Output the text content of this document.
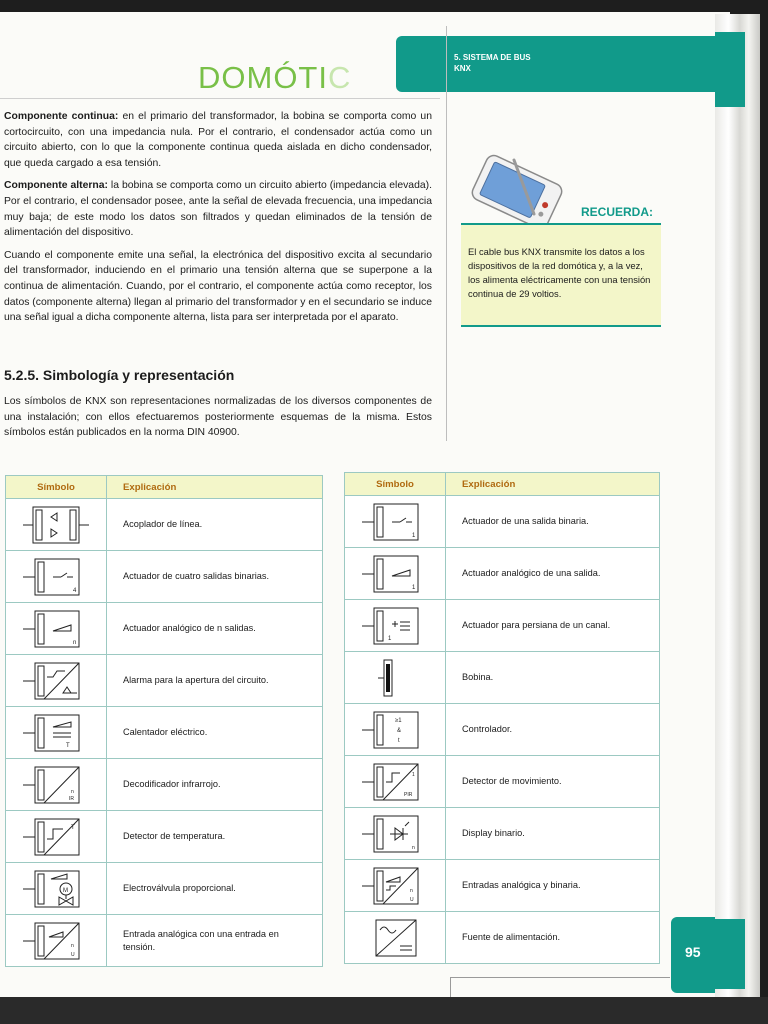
DOMÓTIC
5. SISTEMA DE BUS
KNX

Componente continua: en el primario del transformador, la bobina se comporta como un cortocircuito, con una impedancia nula. Por el contrario, el condensador actúa como un circuito abierto, con lo que la componente continua queda aislada en dicho condensador, que queda cargado a esa tensión.

Componente alterna: la bobina se comporta como un circuito abierto (impedancia elevada). Por el contrario, el condensador posee, ante la señal de elevada frecuencia, una impedancia muy baja; de este modo los datos son filtrados y quedan eliminados de la tensión de alimentación del dispositivo.

Cuando el componente emite una señal, la electrónica del dispositivo excita al secundario del transformador, induciendo en el primario una tensión alterna que se superpone a la continua de alimentación. Cuando, por el contrario, el componente actúa como receptor, los datos (componente alterna) llegan al primario del transformador y en el secundario se induce una señal igual a dicha componente alterna, lista para ser interpretada por el aparato.

5.2.5. Simbología y representación
Los símbolos de KNX son representaciones normalizadas de los diversos componentes de una instalación; con ellos efectuaremos posteriormente esquemas de la misma. Estos símbolos están publicados en la norma DIN 40900.
RECUERDA:
El cable bus KNX transmite los datos a los dispositivos de la red domótica y, a la vez, los alimenta eléctricamente con una tensión continua de 29 voltios.
Símbolo	Explicación

	Acoplador de línea.

4	Actuador de cuatro salidas binarias.

n	Actuador analógico de n salidas.

	Alarma para la apertura del circuito.

T	Calentador eléctrico.

n
IR	Decodificador infrarrojo.

T	Detector de temperatura.

M	Electroválvula proporcional.

n
U	Entrada analógica con una entrada en tensión.
Símbolo	Explicación

1	Actuador de una salida binaria.

1	Actuador analógico de una salida.

1	Actuador para persiana de un canal.

	Bobina.

≥1
&
t	Controlador.

1
PIR	Detector de movimiento.

n	Display binario.

n
U	Entradas analógica y binaria.

	Fuente de alimentación.
95
